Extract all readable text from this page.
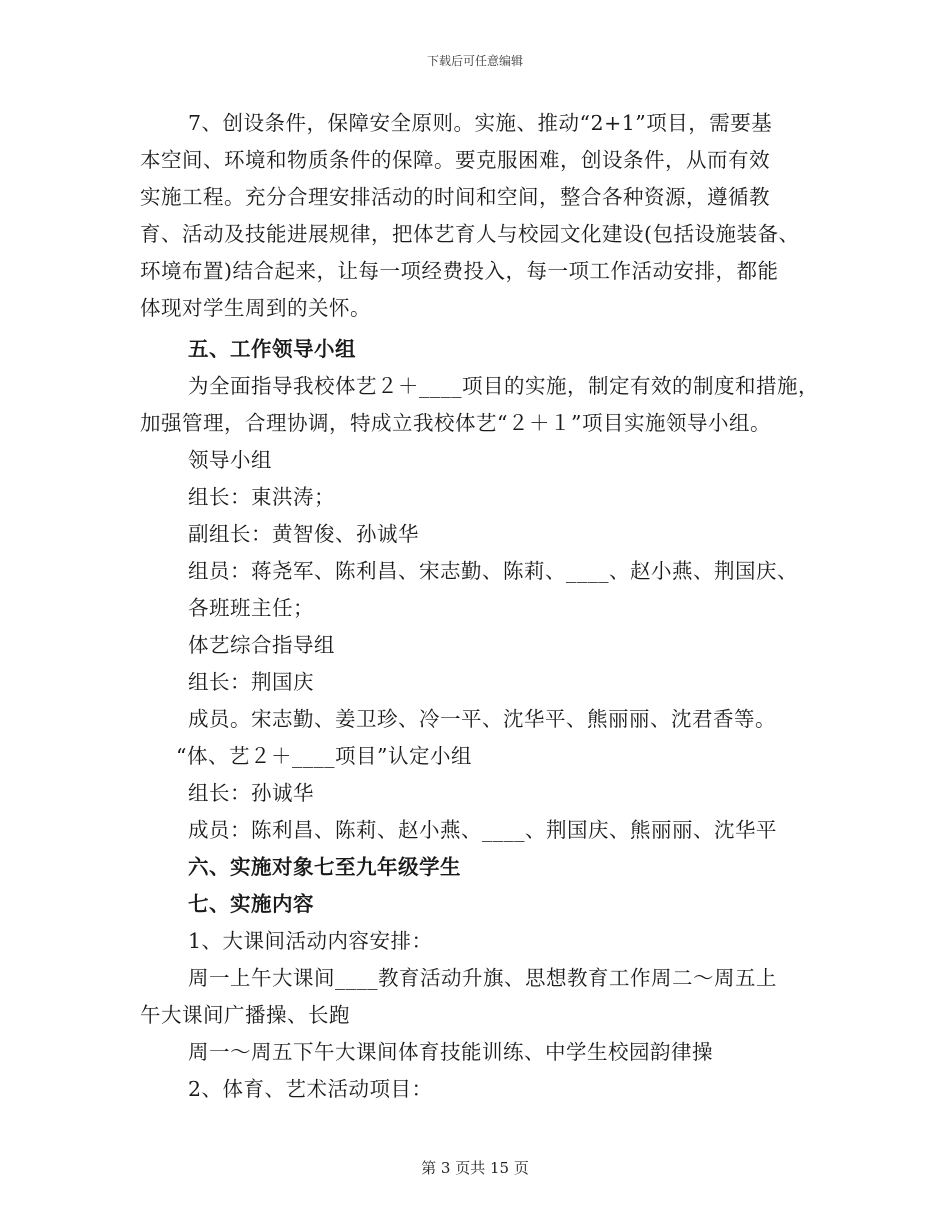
下载后可任意编辑
7、创设条件，保障安全原则。实施、推动“2+1”项目，需要基
本空间、环境和物质条件的保障。要克服困难，创设条件，从而有效
实施工程。充分合理安排活动的时间和空间，整合各种资源，遵循教
育、活动及技能进展规律，把体艺育人与校园文化建设(包括设施装备、
环境布置)结合起来，让每一项经费投入，每一项工作活动安排，都能
体现对学生周到的关怀。
五、工作领导小组
为全面指导我校体艺２＋____项目的实施，制定有效的制度和措施，
加强管理，合理协调，特成立我校体艺“２＋１”项目实施领导小组。
领导小组
组长：東洪涛；
副组长：黄智俊、孙诚华
组员：蒋尧军、陈利昌、宋志勤、陈莉、____、赵小燕、荆国庆、
各班班主任；
体艺综合指导组
组长：荆国庆
成员。宋志勤、姜卫珍、冷一平、沈华平、熊丽丽、沈君香等。
“体、艺２＋____项目”认定小组
组长：孙诚华
成员：陈利昌、陈莉、赵小燕、____、荆国庆、熊丽丽、沈华平
六、实施对象七至九年级学生
七、实施内容
1、大课间活动内容安排：
周一上午大课间____教育活动升旗、思想教育工作周二～周五上
午大课间广播操、长跑
周一～周五下午大课间体育技能训练、中学生校园韵律操
2、体育、艺术活动项目：
第 3 页共 15 页
